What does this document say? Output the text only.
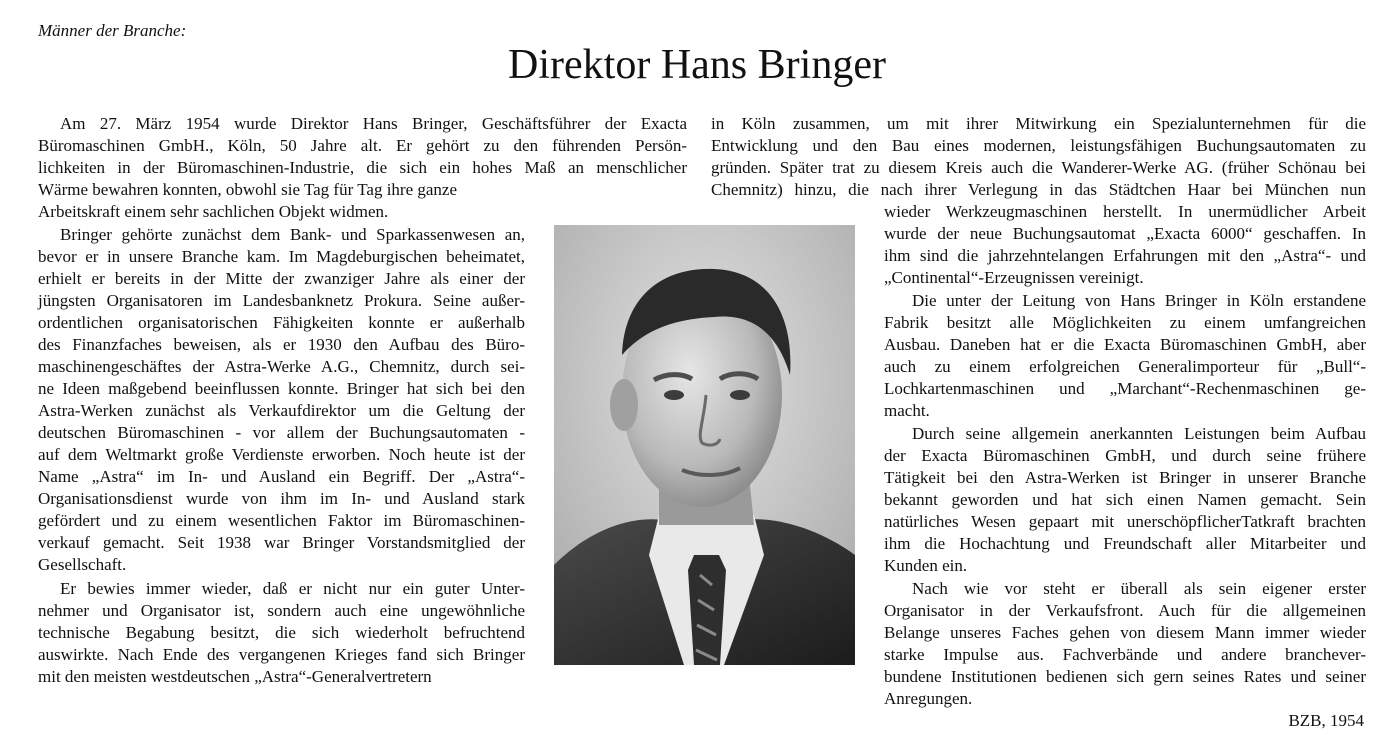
Männer der Branche:
Direktor Hans Bringer
Am 27. März 1954 wurde Direktor Hans Bringer, Geschäftsführer der Exacta
Büromaschinen GmbH., Köln, 50 Jahre alt. Er gehört zu den führenden Persön-
lichkeiten in der Büromaschinen-Industrie, die sich ein hohes Maß an menschlicher
Wärme bewahren konnten, obwohl sie Tag für Tag ihre ganze
Arbeitskraft einem sehr sachlichen Objekt widmen.
Bringer gehörte zunächst dem Bank- und Sparkassenwesen an,
bevor er in unsere Branche kam. Im Magdeburgischen beheimatet,
erhielt er bereits in der Mitte der zwanziger Jahre als einer der
jüngsten Organisatoren im Landesbanknetz Prokura. Seine außer-
ordentlichen organisatorischen Fähigkeiten konnte er außerhalb
des Finanzfaches beweisen, als er 1930 den Aufbau des Büro-
maschinengeschäftes der Astra-Werke A.G., Chemnitz, durch sei-
ne Ideen maßgebend beeinflussen konnte. Bringer hat sich bei den
Astra-Werken zunächst als Verkaufdirektor um die Geltung der
deutschen Büromaschinen - vor allem der Buchungsautomaten -
auf dem Weltmarkt große Verdienste erworben. Noch heute ist der
Name „Astra“ im In- und Ausland ein Begriff. Der „Astra“-
Organisationsdienst wurde von ihm im In- und Ausland stark
gefördert und zu einem wesentlichen Faktor im Büromaschinen-
verkauf gemacht. Seit 1938 war Bringer Vorstandsmitglied der
Gesellschaft.
Er bewies immer wieder, daß er nicht nur ein guter Unter-
nehmer und Organisator ist, sondern auch eine ungewöhnliche
technische Begabung besitzt, die sich wiederholt befruchtend
auswirkte. Nach Ende des vergangenen Krieges fand sich Bringer
mit den meisten westdeutschen „Astra“-Generalvertretern
in Köln zusammen, um mit ihrer Mitwirkung ein Spezialunternehmen für die
Entwicklung und den Bau eines modernen, leistungsfähigen Buchungsautomaten zu
gründen. Später trat zu diesem Kreis auch die Wanderer-Werke AG. (früher Schönau bei
Chemnitz) hinzu, die nach ihrer Verlegung in das Städtchen Haar bei München nun
wieder Werkzeugmaschinen herstellt. In unermüdlicher Arbeit
wurde der neue Buchungsautomat „Exacta 6000“ geschaffen. In
ihm sind die jahrzehntelangen Erfahrungen mit den „Astra“- und
„Continental“-Erzeugnissen vereinigt.
Die unter der Leitung von Hans Bringer in Köln erstandene
Fabrik besitzt alle Möglichkeiten zu einem umfangreichen
Ausbau. Daneben hat er die Exacta Büromaschinen GmbH, aber
auch zu einem erfolgreichen Generalimporteur für „Bull“-
Lochkartenmaschinen und „Marchant“-Rechenmaschinen ge-
macht.
Durch seine allgemein anerkannten Leistungen beim Aufbau
der Exacta Büromaschinen GmbH, und durch seine frühere
Tätigkeit bei den Astra-Werken ist Bringer in unserer Branche
bekannt geworden und hat sich einen Namen gemacht. Sein
natürliches Wesen gepaart mit unerschöpflicherTatkraft brachten
ihm die Hochachtung und Freundschaft aller Mitarbeiter und
Kunden ein.
Nach wie vor steht er überall als sein eigener erster
Organisator in der Verkaufsfront. Auch für die allgemeinen
Belange unseres Faches gehen von diesem Mann immer wieder
starke Impulse aus. Fachverbände und andere branchever-
bundene Institutionen bedienen sich gern seines Rates und seiner
Anregungen.
BZB, 1954
